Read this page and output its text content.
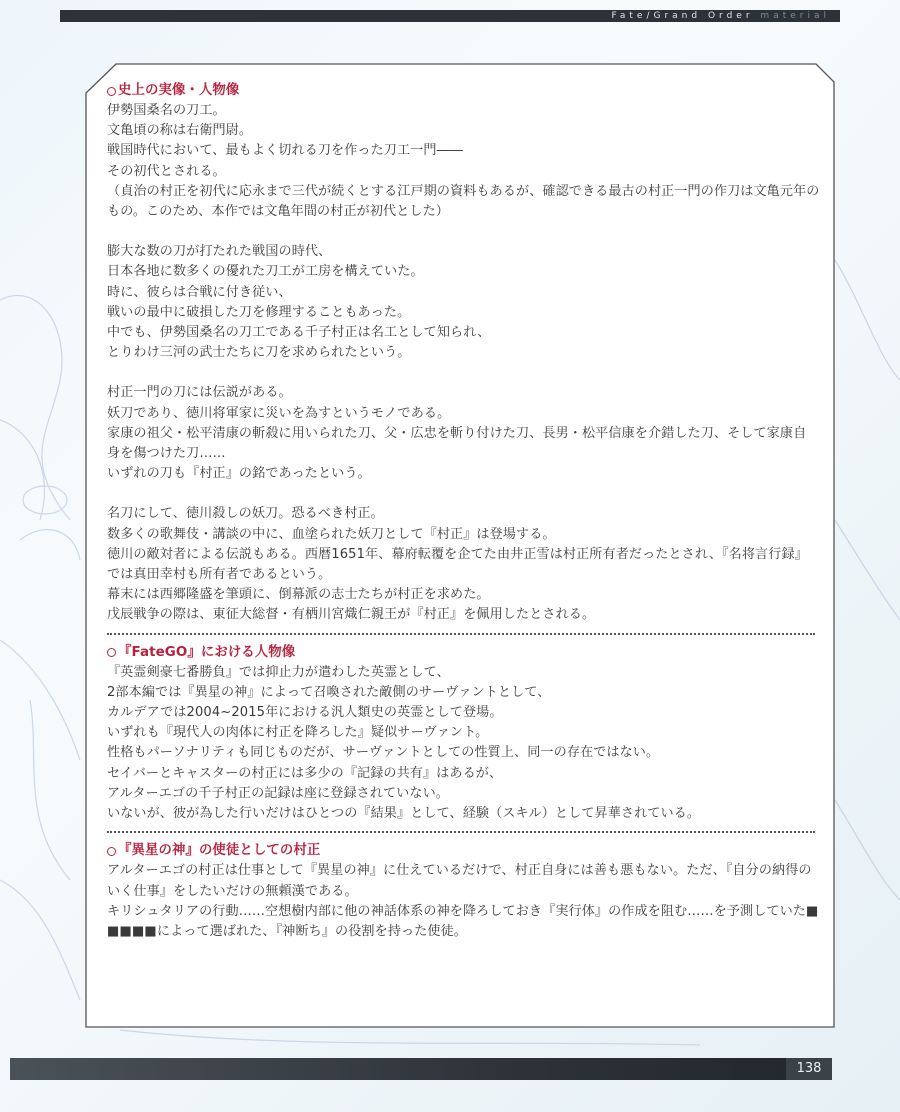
Fate/Grand Order material
史上の実像・人物像

伊勢国桑名の刀工。

文亀頃の称は右衛門尉。

戦国時代において、最もよく切れる刀を作った刀工一門――

その初代とされる。

（貞治の村正を初代に応永まで三代が続くとする江戸期の資料もあるが、確認できる最古の村正一門の作刀は文亀元年の

もの。このため、本作では文亀年間の村正が初代とした）

膨大な数の刀が打たれた戦国の時代、

日本各地に数多くの優れた刀工が工房を構えていた。

時に、彼らは合戦に付き従い、

戦いの最中に破損した刀を修理することもあった。

中でも、伊勢国桑名の刀工である千子村正は名工として知られ、

とりわけ三河の武士たちに刀を求められたという。

村正一門の刀には伝説がある。

妖刀であり、徳川将軍家に災いを為すというモノである。

家康の祖父・松平清康の斬殺に用いられた刀、父・広忠を斬り付けた刀、長男・松平信康を介錯した刀、そして家康自

身を傷つけた刀……

いずれの刀も『村正』の銘であったという。

名刀にして、徳川殺しの妖刀。恐るべき村正。

数多くの歌舞伎・講談の中に、血塗られた妖刀として『村正』は登場する。

徳川の敵対者による伝説もある。西暦1651年、幕府転覆を企てた由井正雪は村正所有者だったとされ、『名将言行録』

では真田幸村も所有者であるという。

幕末には西郷隆盛を筆頭に、倒幕派の志士たちが村正を求めた。

戊辰戦争の際は、東征大総督・有栖川宮熾仁親王が『村正』を佩用したとされる。

『FateGO』における人物像

『英霊剣豪七番勝負』では抑止力が遣わした英霊として、

2部本編では『異星の神』によって召喚された敵側のサーヴァントとして、

カルデアでは2004~2015年における汎人類史の英霊として登場。

いずれも『現代人の肉体に村正を降ろした』疑似サーヴァント。

性格もパーソナリティも同じものだが、サーヴァントとしての性質上、同一の存在ではない。

セイバーとキャスターの村正には多少の『記録の共有』はあるが、

アルターエゴの千子村正の記録は座に登録されていない。

いないが、彼が為した行いだけはひとつの『結果』として、経験（スキル）として昇華されている。

『異星の神』の使徒としての村正

アルターエゴの村正は仕事として『異星の神』に仕えているだけで、村正自身には善も悪もない。ただ、『自分の納得の

いく仕事』をしたいだけの無頼漢である。

キリシュタリアの行動……空想樹内部に他の神話体系の神を降ろしておき『実行体』の作成を阻む……を予測していた■

■■■■によって選ばれた、『神断ち』の役割を持った使徒。

138
